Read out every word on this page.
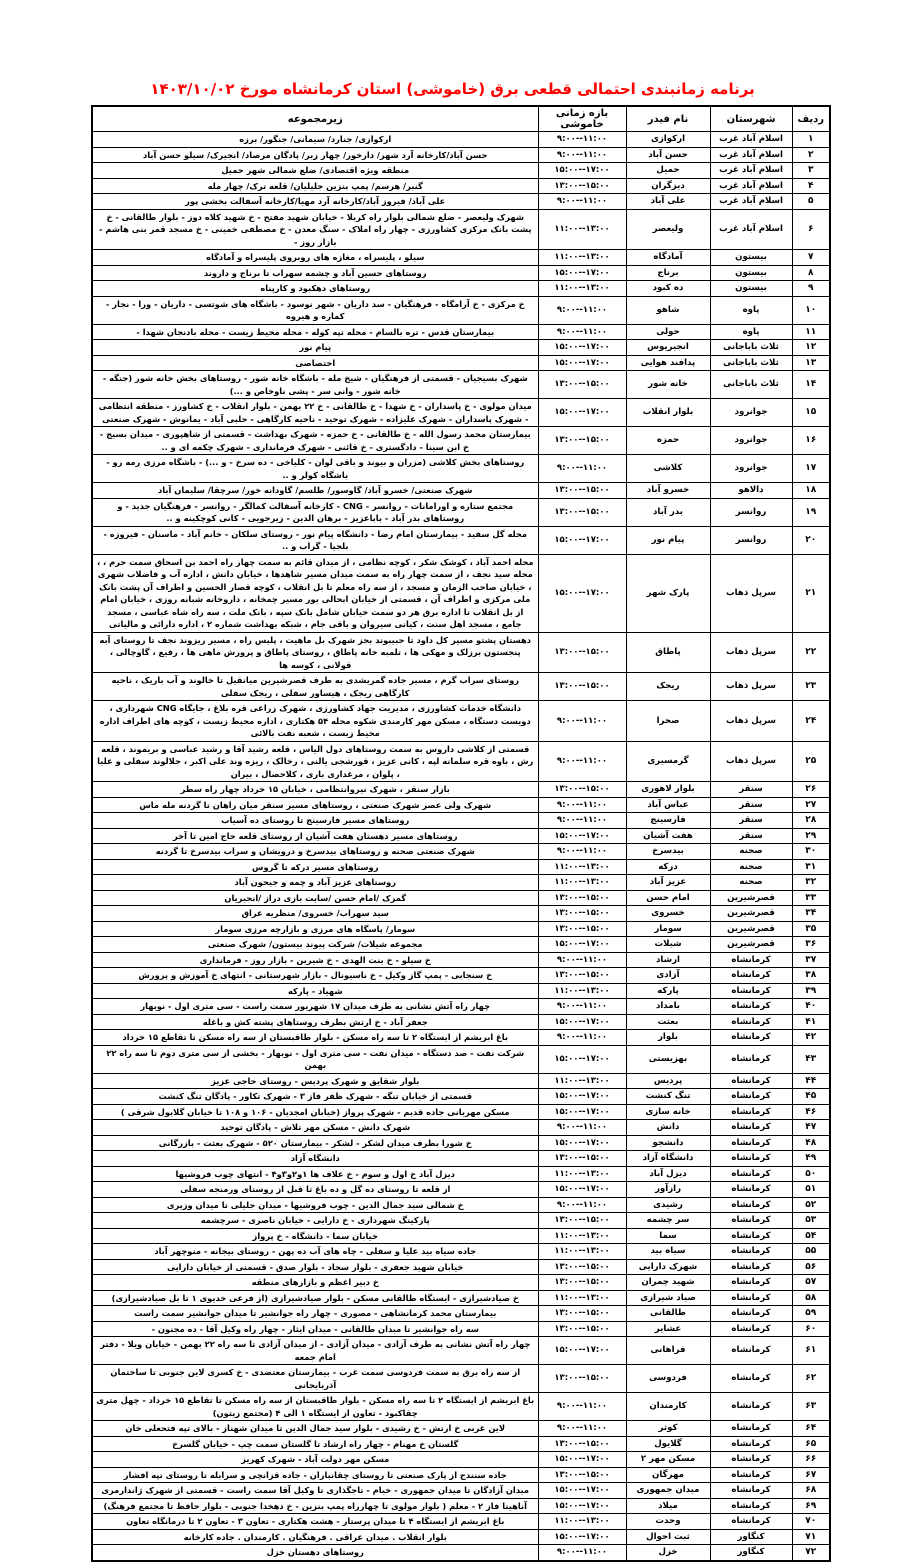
برنامه زمانبندی احتمالی قطعی برق (خاموشی) استان کرمانشاه مورخ ۱۴۰۳/۱۰/۰۲
ردیف	شهرستان	نام فیدر	بازه زمانی خاموشی	زیرمجموعه
۱	اسلام آباد غرب	ارکوازی	۹:۰۰--۱۱:۰۰	ارکوازی/ جنارد/ سیمانی/ جنگور/ برزه
۲	اسلام آباد غرب	حسن آباد	۹:۰۰--۱۱:۰۰	حسن آباد/کارخانه آرد شهر/ دارخور/ چهار زبر/ پادگان مرصاد/ انجیرک/ سیلو حسن آباد
۳	اسلام آباد غرب	حمیل	۱۵:۰۰--۱۷:۰۰	منطقه ویژه اقتصادی/ ضلع شمالی شهر حمیل
۴	اسلام آباد غرب	دیزگران	۱۳:۰۰--۱۵:۰۰	گنبر/ هرسم/ پمپ بنزین جلیلیان/ قلعه ترک/ چهار مله
۵	اسلام آباد غرب	علی آباد	۹:۰۰--۱۱:۰۰	علی آباد/ فیروز آباد/کارخانه آرد مهیا/کارخانه آسفالت بخشی پور
۶	اسلام آباد غرب	ولیعصر	۱۱:۰۰--۱۳:۰۰	شهرک ولیعصر - ضلع شمالی بلوار راه کربلا - خیابان شهید مفتح - خ شهید کلاه دوز - بلوار طالقانی - خ پشت بانک مرکزی کشاورزی - چهار راه املاک - سنگ معدن - خ مصطفی خمینی - خ مسجد قمر بنی هاشم - بازار روز -
۷	بیستون	آمادگاه	۱۱:۰۰--۱۳:۰۰	سیلو ، پلیسراه ، مغازه های روبروی پلیسراه و آمادگاه
۸	بیستون	برناج	۱۵:۰۰--۱۷:۰۰	روستاهای حسین آباد و چشمه سهراب تا برناج و داروند
۹	بیستون	ده کبود	۱۱:۰۰--۱۳:۰۰	روستاهای دهکبود و کارپناه
۱۰	پاوه	شاهو	۹:۰۰--۱۱:۰۰	خ مرکزی - خ آرامگاه - فرهنگیان - سد داریان - شهر نوسود - باشگاه های شوتسی - داریان - ورا - نجار - کماره و هیروه
۱۱	پاوه	حولی	۹:۰۰--۱۱:۰۰	بیمارستان قدس - تره بالسام - محله تپه کوله - محله محیط زیست - محله بادنجان شهدا -
۱۲	ثلاث باباجانی	انجیریوس	۱۵:۰۰--۱۷:۰۰	پیام نور
۱۳	ثلاث باباجانی	پدافند هوایی	۱۵:۰۰--۱۷:۰۰	اختصاصی
۱۴	ثلاث باباجانی	خانه شور	۱۳:۰۰--۱۵:۰۰	شهرک بسیجیان - قسمتی از فرهنگیان - شیخ مله - باشگاه خانه شور - روستاهای بخش خانه شور (جنگه - خانه شور - وانی سر - پشی ناوخاص و ...)
۱۵	جوانرود	بلوار انقلاب	۱۵:۰۰--۱۷:۰۰	میدان مولوی - خ پاسداران - خ شهدا - خ طالقانی - خ ۲۲ بهمن - بلوار انقلاب - خ کشاورز - منطقه انتظامی - شهرک پاسداران - شهرک علیزاده - شهرک توحید - ناحیه کارگاهی - حلبی آباد - یمانوش - شهرک صنعتی
۱۶	جوانرود	حمزه	۱۳:۰۰--۱۵:۰۰	بیمارستان محمد رسول الله - خ طالقانی - خ حمزه - شهرک بهداشت - قسمتی از شاهپوری - میدان بسیج - خ ابن سینا - دادگستری - خ قائنی - شهرک فرمانداری - شهرک چکمه ای و ..
۱۷	جوانرود	کلاشی	۹:۰۰--۱۱:۰۰	روستاهای بخش کلاشی (مزران و بیوند و باقی لوان - کلیاخی - ده سرخ - و ...) - باشگاه مرزی رمه رو - باشگاه کولر و ..
۱۸	دالاهو	خسرو آباد	۱۳:۰۰--۱۵:۰۰	شهرک صنعتی/ خسرو آباد/ گاوسور/ طلسم/ گاودانه خور/ سرچقا/ سلیمان آباد
۱۹	روانسر	بدر آباد	۱۳:۰۰--۱۵:۰۰	مجتمع ستاره و اورامانات - روانسر - CNG - کارخانه آسفالت کمالگر - روانسر - فرهنگیان جدید - و روستاهای بدر آباد - باباعزیز - برهان الدین - زیرجویی - کانی کوچکینه و ..
۲۰	روانسر	پیام نور	۱۵:۰۰--۱۷:۰۰	محله گل سفید - بیمارستان امام رضا - دانشگاه پیام نور - روستای سلکان - خانم آباد - ماسنان - فیروزه - بلجیا - گراب و ..
۲۱	سرپل ذهاب	پارک شهر	۱۵:۰۰--۱۷:۰۰	محله احمد آباد ، کوشک شکر ، کوچه نظامی ، از میدان قائم به سمت چهار راه احمد بن اسحاق سمت حرم ، ، محله سید نجف ، از سمت چهار راه به سمت میدان مسیر شاهدها ، خیابان دانش ، اداره آب و فاضلاب شهری ، خیابان صاحب الزمان و مسجد ، از سه راه معلم تا بل انقلاب ، کوچه قصار الحسین و اطراف آن پشت بانک ملی مرکزی و اطراف آن ، قسمتی از خیابان ابحالی بور مسیر چمخانه ، داروخانه شبانه روزی ، خیابان امام از بل انقلاب تا اداره برق هر دو سمت خیابان شامل بانک سپه ، بانک ملت ، سه راه شاه عباسی ، مسجد جامع ، مسجد اهل سنت ، کیانی سیروان و باقی جام ، شبکه بهداشت شماره ۲ ، اداره دارائی و مالیاتی
۲۲	سرپل ذهاب	پاطاق	۱۳:۰۰--۱۵:۰۰	دهستان پشتو مسیر کل داود تا حبیبوند بجز شهرک بل ماهیت ، پلیس راه ، مسیر ریزوند نجف تا روستای آبه پنجستون برزلک و مهکی ها ، تلمبه خانه پاطاق ، روستای پاطاق و پرورش ماهی ها ، رفیع ، گاوچالی ، قولانی ، کوسه ها
۲۳	سرپل ذهاب	ریجک	۱۳:۰۰--۱۵:۰۰	روستای سراب گرم ، مسیر جاده گمریشدی به طرف قصرشیرین میانقیل تا خالوند و آب باریک ، ناحیه کارگاهی ریجک ، هیساور سفلی ، ریجک سفلی
۲۴	سرپل ذهاب	صحرا	۹:۰۰--۱۱:۰۰	دانشگاه خدمات کشاورزی ، مدیریت جهاد کشاورزی ، شهرک زراعی قره بلاغ ، جایگاه CNG شهرداری ، دویست دستگاه ، مسکن مهر کارمندی شکوه محله ۵۴ هکتاری ، اداره محیط زیست ، کوچه های اطراف اداره محیط زیست ، شعبه نفت بالائی
۲۵	سرپل ذهاب	گرمسیری	۹:۰۰--۱۱:۰۰	قسمتی از کلاشی داروس به سمت روستاهای دول الیاس ، قلعه رشید آقا و رشید عباسی و بریموند ، قلعه رش ، باوه قره سلمانه لپه ، کانی عزیز ، قورشجی یالنی ، رخالک ، ریزه وند علی اکبر ، جلالوند سفلی و علیا ، پلوان ، مرغداری باری ، کلاحصال ، بیران
۲۶	سنقر	بلوار لاهوری	۱۳:۰۰--۱۵:۰۰	بازار سنقر ، شهرک نیروانتظامی ، خیابان ۱۵ خرداد چهار راه سطر
۲۷	سنقر	عباس آباد	۹:۰۰--۱۱:۰۰	شهرک ولی عصر شهرک صنعتی ، روستاهای مسیر سنقر میان راهان تا گردنه مله ماس
۲۸	سنقر	فارسینج	۹:۰۰--۱۱:۰۰	روستاهای مسیر فارسینج تا روستای ده آسیاب
۲۹	سنقر	هفت آشیان	۱۵:۰۰--۱۷:۰۰	روستاهای مسیر دهستان هفت آشیان از روستای قلعه حاج امین تا آخر
۳۰	صحنه	بیدسرخ	۹:۰۰--۱۱:۰۰	شهرک صنعتی صحنه و روستاهای بیدسرخ و درویشان و سراب بیدسرخ تا گردنه
۳۱	صحنه	درکه	۱۱:۰۰--۱۳:۰۰	روستاهای مسیر درکه تا گروس
۳۲	صحنه	عزیز آباد	۱۱:۰۰--۱۳:۰۰	روستاهای عزیز آباد و چمه و جیحون آباد
۳۳	قصرشیرین	امام حسن	۱۳:۰۰--۱۵:۰۰	گمرک /امام حسن /سایت بازی دراز /انجیریان
۳۴	قصرشیرین	خسروی	۱۳:۰۰--۱۵:۰۰	سید سهراب/ خسروی/ منظریه عراق
۳۵	قصرشیرین	سومار	۱۳:۰۰--۱۵:۰۰	سومار/ پاسگاه های مرزی و بازارچه مرزی سومار
۳۶	قصرشیرین	شیلات	۱۵:۰۰--۱۷:۰۰	مجموعه شیلات/ شرکت پیوند بیستون/ شهرک صنعتی
۳۷	کرمانشاه	ارشاد	۹:۰۰--۱۱:۰۰	خ سیلو - خ بنت الهدی - خ شیرین - بازار روز - فرمانداری
۳۸	کرمانشاه	آزادی	۱۳:۰۰--۱۵:۰۰	خ سنجابی - پمپ گاز وکیل - خ ناسیونال - بازار شهرستانی - انتهای خ آموزش و پرورش
۳۹	کرمانشاه	پارکه	۱۱:۰۰--۱۳:۰۰	شهیاد - پارکه
۴۰	کرمانشاه	بامداد	۹:۰۰--۱۱:۰۰	چهار راه آتش نشانی به طرف میدان ۱۷ شهریور سمت راست - سی متری اول - نوبهار
۴۱	کرمانشاه	بعثت	۱۵:۰۰--۱۷:۰۰	جعفر آباد - خ ارتش بطرف روستاهای پشته کش و باغله
۴۲	کرمانشاه	بلوار	۹:۰۰--۱۱:۰۰	باغ ابریشم از ایستگاه ۲ تا سه راه مسکن - بلوار طاقبستان از سه راه مسکن تا تقاطع ۱۵ خرداد
۴۳	کرمانشاه	بهزیستی	۱۵:۰۰--۱۷:۰۰	شرکت نفت - صد دستگاه - میدان نفت - سی متری اول - نوبهار - بخشی از سی متری دوم تا سه راه ۲۲ بهمن
۴۴	کرمانشاه	پردیس	۱۱:۰۰--۱۳:۰۰	بلوار شقایق و شهرک پردیس - روستای حاجی عزیز
۴۵	کرمانشاه	تنگ کنشت	۱۵:۰۰--۱۷:۰۰	قسمتی از خیابان تنگه - شهرک ظفر فاز ۳ - شهرک تکاور - پادگان تنگ کنشت
۴۶	کرمانشاه	خانه سازی	۱۵:۰۰--۱۷:۰۰	مسکن مهربانی جاده قدیم - شهرک پرواز (خیابان امجدیان - ۱۰۶ و ۱۰۸ تا خیابان گلایول شرقی )
۴۷	کرمانشاه	دانش	۹:۰۰--۱۱:۰۰	شهرک دانش - مسکن مهر تلاش - پادگان توحید
۴۸	کرمانشاه	دانشجو	۱۵:۰۰--۱۷:۰۰	خ شورا بطرف میدان لشکر - لشکر - بیمارستان ۵۲۰ - شهرک بعثت - بازرگانی
۴۹	کرمانشاه	دانشگاه آزاد	۱۳:۰۰--۱۵:۰۰	دانشگاه آزاد
۵۰	کرمانشاه	دیزل آباد	۱۱:۰۰--۱۳:۰۰	دیزل آباد خ اول و سوم - خ علاف ها ۱و۲و۳و۴ - انتهای چوب فروشیها
۵۱	کرمانشاه	رازآور	۱۵:۰۰--۱۷:۰۰	از قلعه تا روستای ده گل و ده باغ تا قبل از روستای ورمنجه سفلی
۵۲	کرمانشاه	رشیدی	۹:۰۰--۱۱:۰۰	خ شمالی سید جمال الدین - چوب فروشیها - میدان جلیلی تا میدان وزیری
۵۳	کرمانشاه	سر چشمه	۱۳:۰۰--۱۵:۰۰	پارکینگ شهرداری - خ دارایی - خیابان ناصری - سرچشمه
۵۴	کرمانشاه	سما	۱۱:۰۰--۱۳:۰۰	خیابان سما - دانشگاه - خ پرواز
۵۵	کرمانشاه	سیاه بید	۱۱:۰۰--۱۳:۰۰	جاده سیاه بید علیا و سفلی - چاه های آب ده پهن - روستای بیجانه - منوچهر آباد
۵۶	کرمانشاه	شهرک دارایی	۱۳:۰۰--۱۵:۰۰	خیابان شهید جعفری - بلوار سجاد - بلوار صدق - قسمتی از خیابان دارایی
۵۷	کرمانشاه	شهید چمران	۱۳:۰۰--۱۵:۰۰	خ دبیر اعظم و بازارهای منطقه
۵۸	کرمانشاه	صیاد شیرازی	۱۱:۰۰--۱۳:۰۰	خ صیادشیرازی - ایستگاه طالقانی مسکن - بلوار صیادشیرازی (از فرعی خدیوی ۱ تا بل صیادشیرازی)
۵۹	کرمانشاه	طالقانی	۱۳:۰۰--۱۵:۰۰	بیمارستان محمد کرمانشاهی - مصوری - چهار راه جوانشیر تا میدان جوانشیر سمت راست
۶۰	کرمانشاه	عشایر	۱۳:۰۰--۱۵:۰۰	سه راه جوانشیر تا میدان طالقانی - میدان ایثار - چهار راه وکیل آقا - ده مجنون -
۶۱	کرمانشاه	فراهانی	۱۵:۰۰--۱۷:۰۰	چهار راه آتش نشانی به طرف آزادی - میدان آزادی - از میدان آزادی تا سه راه ۲۲ بهمن - خیابان ویلا - دفتر امام جمعه
۶۲	کرمانشاه	فردوسی	۱۳:۰۰--۱۵:۰۰	از سه راه برق به سمت فردوسی سمت غرب - بیمارستان معتضدی - خ کسری لاین جنوبی تا ساختمان آذربایجانی
۶۳	کرمانشاه	کارمندان	۹:۰۰--۱۱:۰۰	باغ ابریشم از ایستگاه ۲ تا سه راه مسکن - بلوار طاقبستان از سه راه مسکن تا تقاطع ۱۵ خرداد - چهل متری چقاکبود - تعاون از ایستگاه ۱ الی ۴ (مجتمع زیتون)
۶۴	کرمانشاه	کوثر	۹:۰۰--۱۱:۰۰	لاین غربی خ ارتش - خ رشیدی - بلوار سید جمال الدین تا میدان شهناز - بالای تپه فتحعلی خان
۶۵	کرمانشاه	گلایول	۱۳:۰۰--۱۵:۰۰	گلستان خ مهنام - چهار راه ارشاد تا گلستان سمت چپ - خیابان گلسرخ
۶۶	کرمانشاه	مسکن مهر ۲	۱۵:۰۰--۱۷:۰۰	مسکن مهر دولت آباد - شهرک کهریز
۶۷	کرمانشاه	مهرگان	۱۳:۰۰--۱۵:۰۰	جاده سنندج از پارک صنعتی تا روستای چقانباران - جاده قزانچی و سرابله تا روستای تپه افشار
۶۸	کرمانشاه	میدان جمهوری	۱۵:۰۰--۱۷:۰۰	میدان آزادگان تا میدان جمهوری - خیام - تاجگذاری تا وکیل آقا سمت راست - قسمتی از شهرک ژاندارمری
۶۹	کرمانشاه	میلاد	۱۵:۰۰--۱۷:۰۰	آناهیتا فاز ۲ - معلم ( بلوار مولوی تا چهارراه پمپ بنزین - خ دهخدا جنوبی - بلوار حافظ تا مجتمع فرهنگ)
۷۰	کرمانشاه	وحدت	۱۱:۰۰--۱۳:۰۰	باغ ابریشم از ایستگاه ۴ تا میدان پرستار - هشت هکتاری - تعاون ۳ - تعاون ۲ تا درمانگاه تعاون
۷۱	کنگاور	ثبت احوال	۱۵:۰۰--۱۷:۰۰	بلوار انقلاب . میدان عراقی . فرهنگیان . کارمندان . جاده کارخانه
۷۲	کنگاور	خزل	۹:۰۰--۱۱:۰۰	روستاهای دهستان خزل
